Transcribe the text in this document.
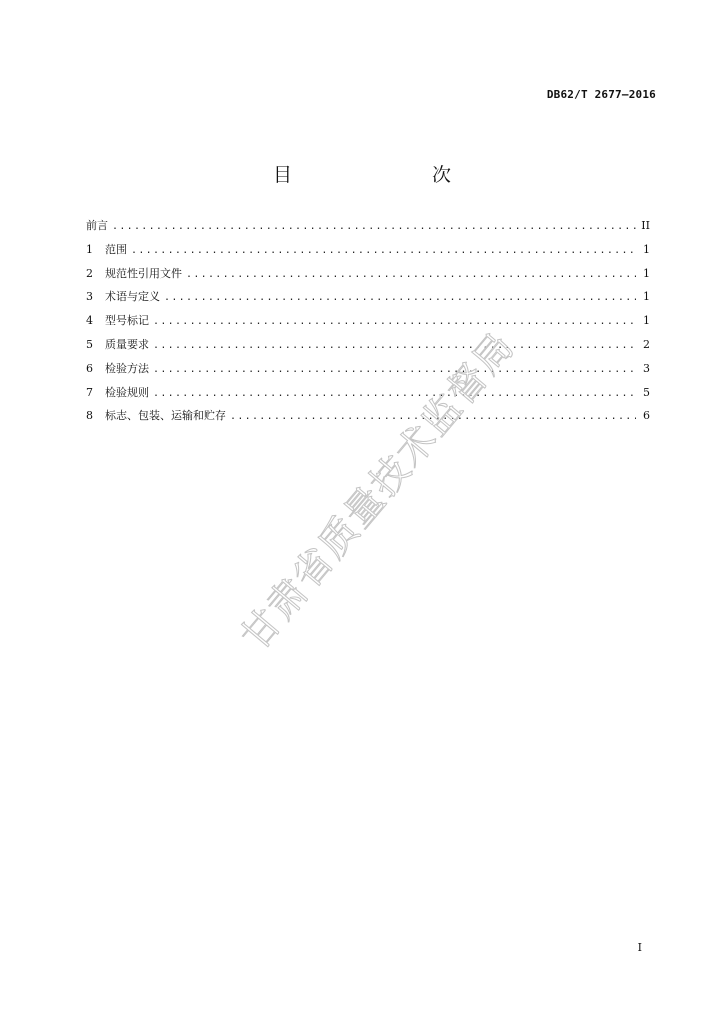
DB62/T 2677—2016
目　　次
前言 .....	II
1	范围 .....	1
2	规范性引用文件 .....	1
3	术语与定义 .....	1
4	型号标记 .....	1
5	质量要求 .....	2
6	检验方法 .....	3
7	检验规则 .....	5
8	标志、包装、运输和贮存 .....	6
甘肃省质量技术监督局
I
